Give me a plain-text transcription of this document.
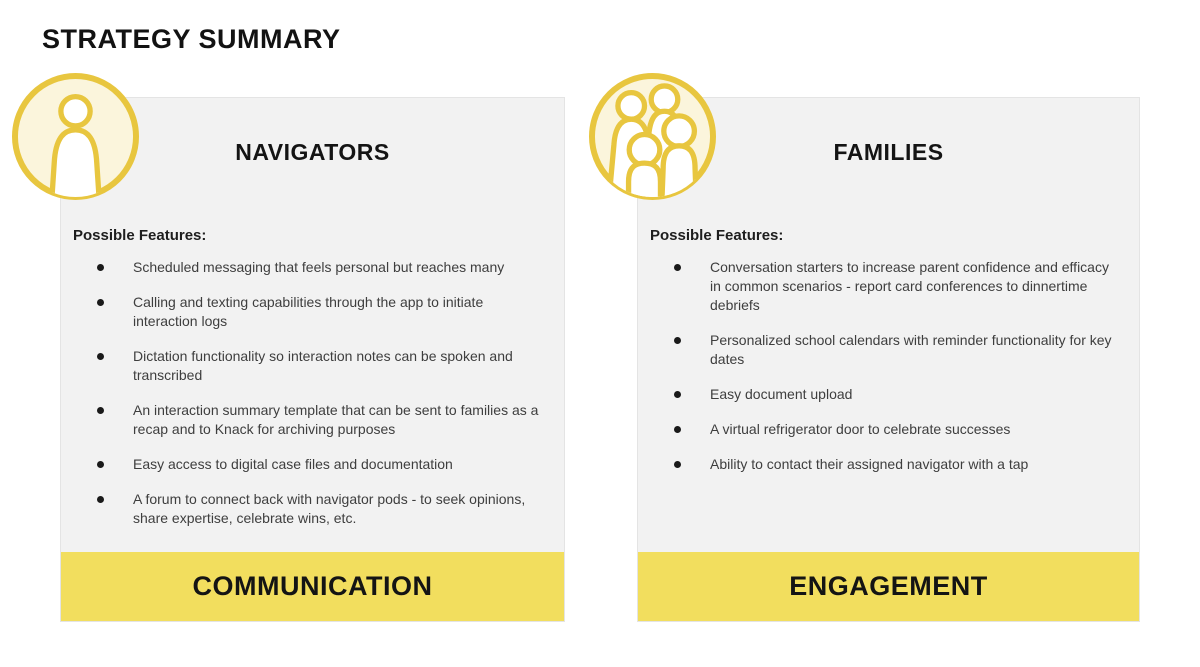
STRATEGY SUMMARY
NAVIGATORS
Possible Features:
Scheduled messaging that feels personal but reaches many
Calling and texting capabilities through the app to initiate interaction logs
Dictation functionality so interaction notes can be spoken and transcribed
An interaction summary template that can be sent to families as a recap and to Knack for archiving purposes
Easy access to digital case files and documentation
A forum to connect back with navigator pods - to seek opinions, share expertise, celebrate wins, etc.
COMMUNICATION
FAMILIES
Possible Features:
Conversation starters to increase parent confidence and efficacy in common scenarios - report card conferences to dinnertime debriefs
Personalized school calendars with reminder functionality for key dates
Easy document upload
A virtual refrigerator door to celebrate successes
Ability to contact their assigned navigator with a tap
ENGAGEMENT
